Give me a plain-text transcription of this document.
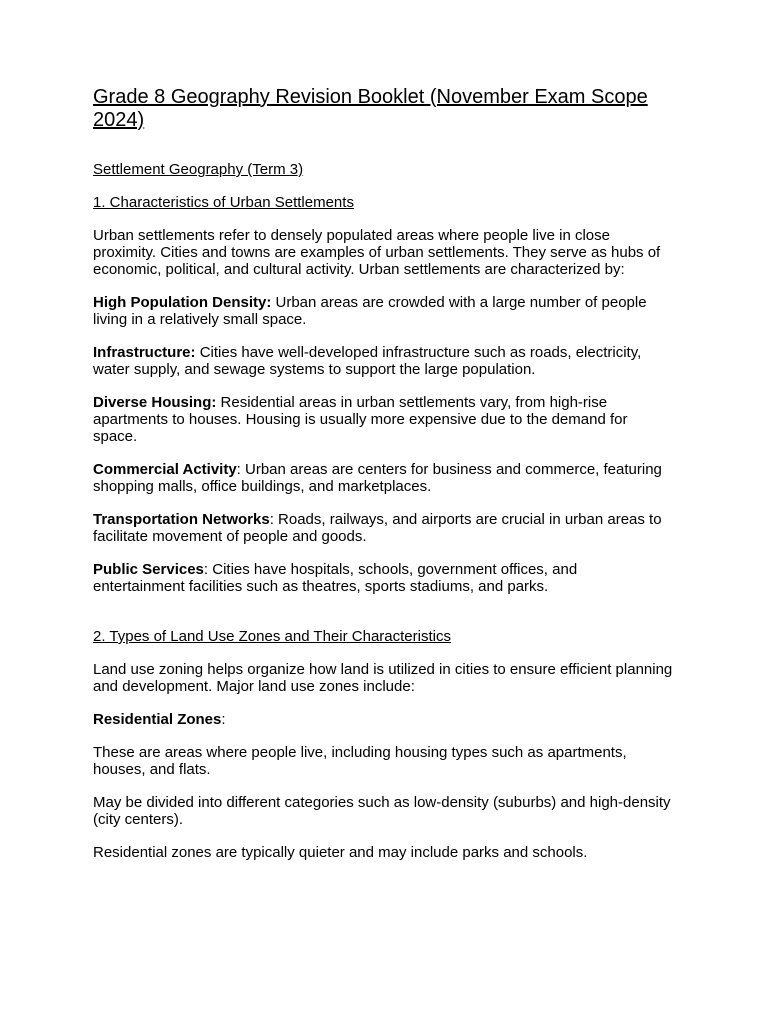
Grade 8 Geography Revision Booklet (November Exam Scope 2024)

Settlement Geography (Term 3)

1. Characteristics of Urban Settlements

Urban settlements refer to densely populated areas where people live in close proximity. Cities and towns are examples of urban settlements. They serve as hubs of economic, political, and cultural activity. Urban settlements are characterized by:

High Population Density: Urban areas are crowded with a large number of people living in a relatively small space.

Infrastructure: Cities have well-developed infrastructure such as roads, electricity, water supply, and sewage systems to support the large population.

Diverse Housing: Residential areas in urban settlements vary, from high-rise apartments to houses. Housing is usually more expensive due to the demand for space.

Commercial Activity: Urban areas are centers for business and commerce, featuring shopping malls, office buildings, and marketplaces.

Transportation Networks: Roads, railways, and airports are crucial in urban areas to facilitate movement of people and goods.

Public Services: Cities have hospitals, schools, government offices, and entertainment facilities such as theatres, sports stadiums, and parks.

2. Types of Land Use Zones and Their Characteristics

Land use zoning helps organize how land is utilized in cities to ensure efficient planning and development. Major land use zones include:

Residential Zones:

These are areas where people live, including housing types such as apartments, houses, and flats.

May be divided into different categories such as low-density (suburbs) and high-density (city centers).

Residential zones are typically quieter and may include parks and schools.
